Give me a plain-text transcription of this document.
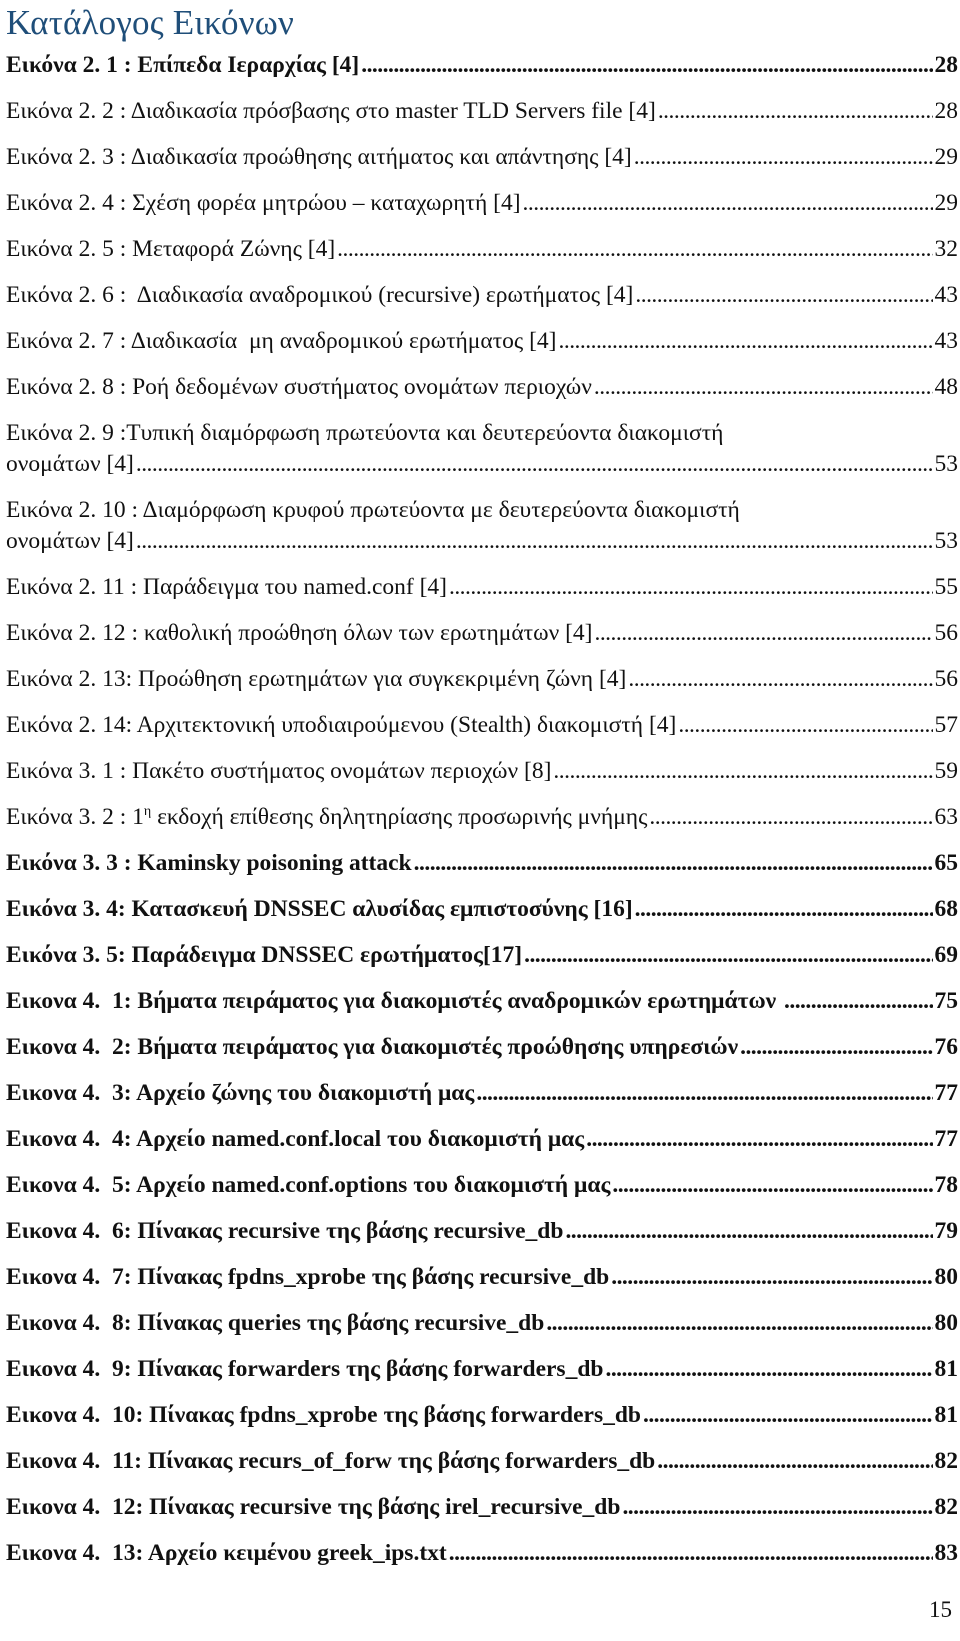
Κατάλογος Εικόνων
Εικόνα 2. 1 : Επίπεδα Ιεραρχίας [4] . . .	28
Εικόνα 2. 2 : Διαδικασία πρόσβασης στο master TLD Servers file [4] . . .	28
Εικόνα 2. 3 : Διαδικασία προώθησης αιτήματος και απάντησης [4] . . .	29
Εικόνα 2. 4 : Σχέση φορέα μητρώου – καταχωρητή [4] . . .	29
Εικόνα 2. 5 : Μεταφορά Ζώνης [4] . . .	32
Εικόνα 2. 6 :  Διαδικασία αναδρομικού (recursive) ερωτήματος [4] . . .	43
Εικόνα 2. 7 : Διαδικασία  μη αναδρομικού ερωτήματος [4] . . .	43
Εικόνα 2. 8 : Ροή δεδομένων συστήματος ονομάτων περιοχών . . .	48
Εικόνα 2. 9 :Τυπική διαμόρφωση πρωτεύοντα και δευτερεύοντα διακομιστή
ονομάτων [4] . . .	53
Εικόνα 2. 10 : Διαμόρφωση κρυφού πρωτεύοντα με δευτερεύοντα διακομιστή
ονομάτων [4] . . .	53
Εικόνα 2. 11 : Παράδειγμα του named.conf [4] . . .	55
Εικόνα 2. 12 : καθολική προώθηση όλων των ερωτημάτων [4] . . .	56
Εικόνα 2. 13: Προώθηση ερωτημάτων για συγκεκριμένη ζώνη [4] . . .	56
Εικόνα 2. 14: Αρχιτεκτονική υποδιαιρούμενου (Stealth) διακομιστή [4] . . .	57
Εικόνα 3. 1 : Πακέτο συστήματος ονομάτων περιοχών [8] . . .	59
Εικόνα 3. 2 : $1^\eta$ εκδοχή επίθεσης δηλητηρίασης προσωρινής μνήμης . . .	63
Εικόνα 3. 3 : Kaminsky poisoning attack . . .	65
Εικόνα 3. 4: Κατασκευή DNSSEC αλυσίδας εμπιστοσύνης [16] . . .	68
Εικόνα 3. 5: Παράδειγμα DNSSEC ερωτήματος[17] . . .	69
Εικονα 4.  1: Βήματα πειράματος για διακομιστές αναδρομικών ερωτημάτων . . .	75
Εικονα 4.  2: Βήματα πειράματος για διακομιστές προώθησης υπηρεσιών . . .	76
Εικονα 4.  3: Αρχείο ζώνης του διακομιστή μας . . .	77
Εικονα 4.  4: Αρχείο named.conf.local του διακομιστή μας . . .	77
Εικονα 4.  5: Αρχείο named.conf.options του διακομιστή μας . . .	78
Εικονα 4.  6: Πίνακας recursive της βάσης recursive_db . . .	79
Εικονα 4.  7: Πίνακας fpdns_xprobe της βάσης recursive_db . . .	80
Εικονα 4.  8: Πίνακας queries της βάσης recursive_db . . .	80
Εικονα 4.  9: Πίνακας forwarders της βάσης forwarders_db . . .	81
Εικονα 4.  10: Πίνακας fpdns_xprobe της βάσης forwarders_db . . .	81
Εικονα 4.  11: Πίνακας recurs_of_forw της βάσης forwarders_db . . .	82
Εικονα 4.  12: Πίνακας recursive της βάσης irel_recursive_db . . .	82
Εικονα 4.  13: Αρχείο κειμένου greek_ips.txt . . .	83
15
